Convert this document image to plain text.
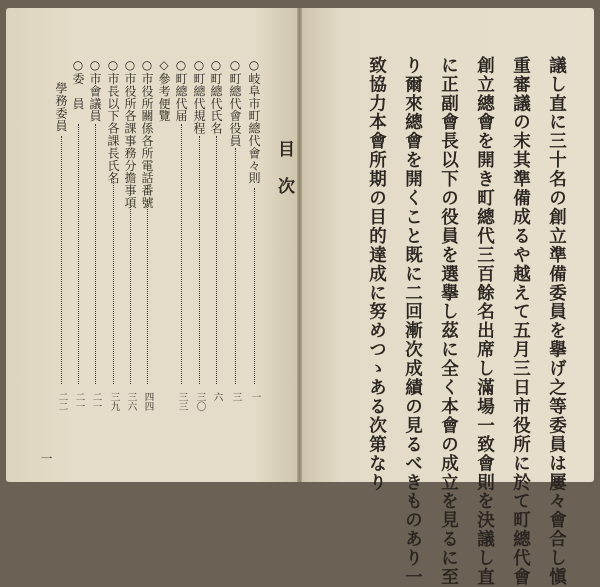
議し直に三十名の創立準備委員を擧げ之等委員は屢々會合し愼
重審議の末其準備成るや越えて五月三日市役所に於て町總代會
創立總會を開き町總代三百餘名出席し滿場一致會則を決議し直
に正副會長以下の役員を選擧し茲に全く本會の成立を見るに至
り爾來總會を開くこと既に二回漸次成績の見るべきものあり一
致協力本會所期の目的達成に努めつゝある次第なり
目次
○岐阜市町總代會々則
○町總代會役員
○町總代氏名
○町總代規程
○町總代届
◇參考便覽
○市役所關係各所電話番號
○市役所各課事務分擔事項
○市長以下各課長氏名
○市會議員
○委　員
學務委員
一
三
六
三〇
三三
四四
三六
三九
二一
二一
二二
一
